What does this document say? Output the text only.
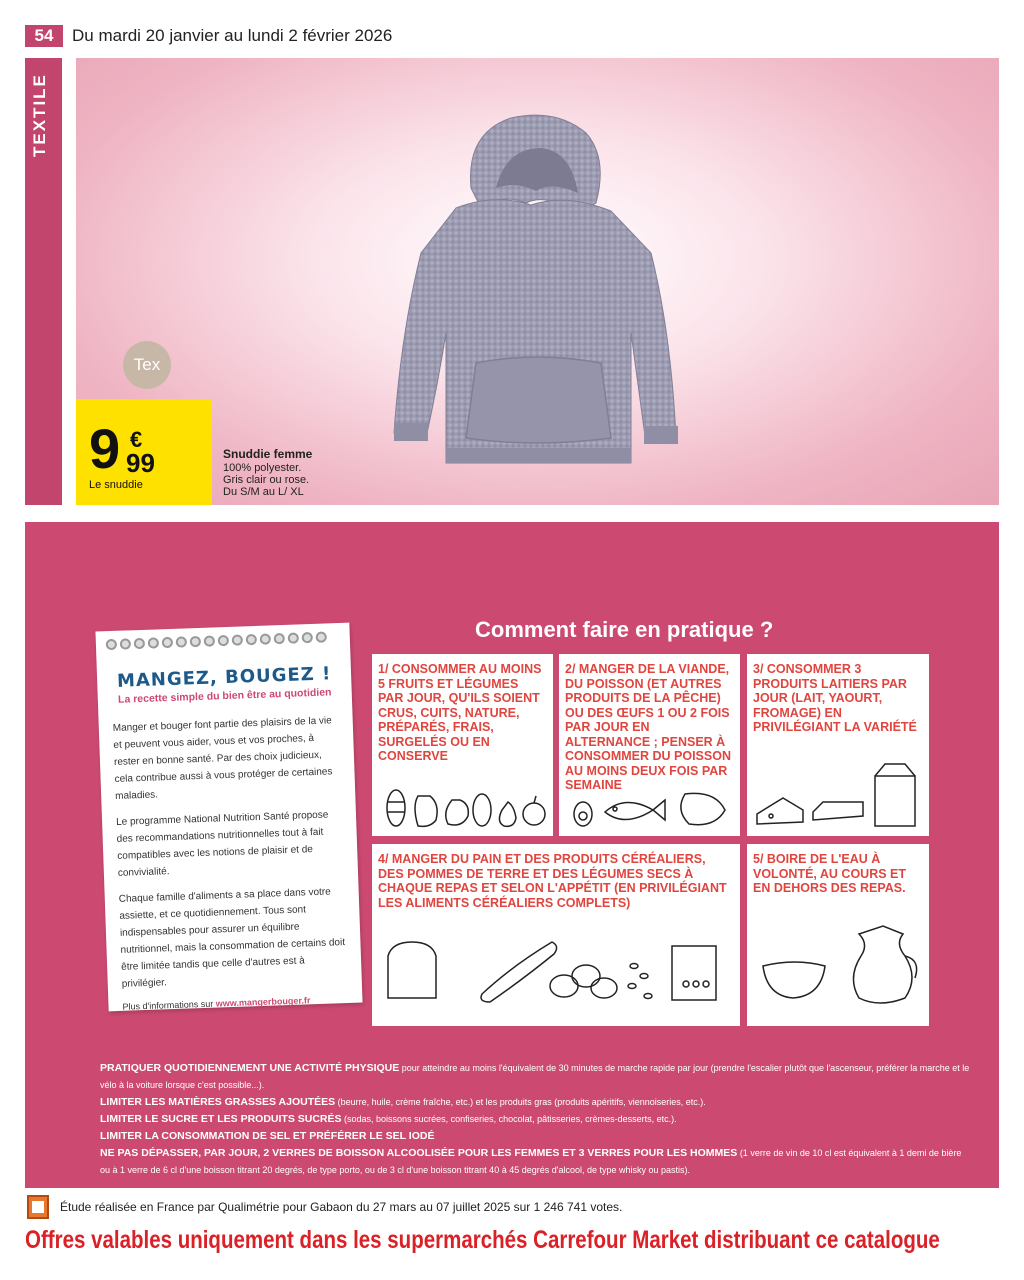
54	Du mardi 20 janvier au lundi 2 février 2026
TEXTILE
Tex
9 €
99
Le snuddie
Snuddie femme
100% polyester.
Gris clair ou rose.
Du S/M au L/ XL
MANGEZ, BOUGEZ !
La recette simple du bien être au quotidien

Manger et bouger font partie des plaisirs de la vie et peuvent vous aider, vous et vos proches, à rester en bonne santé. Par des choix judicieux, cela contribue aussi à vous protéger de certaines maladies.

Le programme National Nutrition Santé propose des recommandations nutritionnelles tout à fait compatibles avec les notions de plaisir et de convivialité.

Chaque famille d'aliments a sa place dans votre assiette, et ce quotidiennement. Tous sont indispensables pour assurer un équilibre nutritionnel, mais la consommation de certains doit être limitée tandis que celle d'autres est à privilégier.

Plus d'informations sur www.mangerbouger.fr
Comment faire en pratique ?
1/ CONSOMMER AU MOINS 5 FRUITS ET LÉGUMES PAR JOUR, QU'ILS SOIENT CRUS, CUITS, NATURE, PRÉPARÉS, FRAIS, SURGELÉS OU EN CONSERVE
2/ MANGER DE LA VIANDE, DU POISSON (ET AUTRES PRODUITS DE LA PÊCHE) OU DES ŒUFS 1 OU 2 FOIS PAR JOUR EN ALTERNANCE ; PENSER À CONSOMMER DU POISSON AU MOINS DEUX FOIS PAR SEMAINE
3/ CONSOMMER 3 PRODUITS LAITIERS PAR JOUR (LAIT, YAOURT, FROMAGE) EN PRIVILÉGIANT LA VARIÉTÉ
4/ MANGER DU PAIN ET DES PRODUITS CÉRÉALIERS, DES POMMES DE TERRE ET DES LÉGUMES SECS À CHAQUE REPAS ET SELON L'APPÉTIT (EN PRIVILÉGIANT LES ALIMENTS CÉRÉALIERS COMPLETS)
5/ BOIRE DE L'EAU À VOLONTÉ, AU COURS ET EN DEHORS DES REPAS.
PRATIQUER QUOTIDIENNEMENT UNE ACTIVITÉ PHYSIQUE pour atteindre au moins l'équivalent de 30 minutes de marche rapide par jour (prendre l'escalier plutôt que l'ascenseur, préférer la marche et le vélo à la voiture lorsque c'est possible...).
LIMITER LES MATIÈRES GRASSES AJOUTÉES (beurre, huile, crème fraîche, etc.) et les produits gras (produits apéritifs, viennoiseries, etc.).
LIMITER LE SUCRE ET LES PRODUITS SUCRÉS (sodas, boissons sucrées, confiseries, chocolat, pâtisseries, crèmes-desserts, etc.).
LIMITER LA CONSOMMATION DE SEL ET PRÉFÉRER LE SEL IODÉ
NE PAS DÉPASSER, PAR JOUR, 2 VERRES DE BOISSON ALCOOLISÉE POUR LES FEMMES ET 3 VERRES POUR LES HOMMES (1 verre de vin de 10 cl est équivalent à 1 demi de bière ou à 1 verre de 6 cl d'une boisson titrant 20 degrés, de type porto, ou de 3 cl d'une boisson titrant 40 à 45 degrés d'alcool, de type whisky ou pastis).
Étude réalisée en France par Qualimétrie pour Gabaon du 27 mars au 07 juillet 2025 sur 1 246 741 votes.
Offres valables uniquement dans les supermarchés Carrefour Market distribuant ce catalogue
